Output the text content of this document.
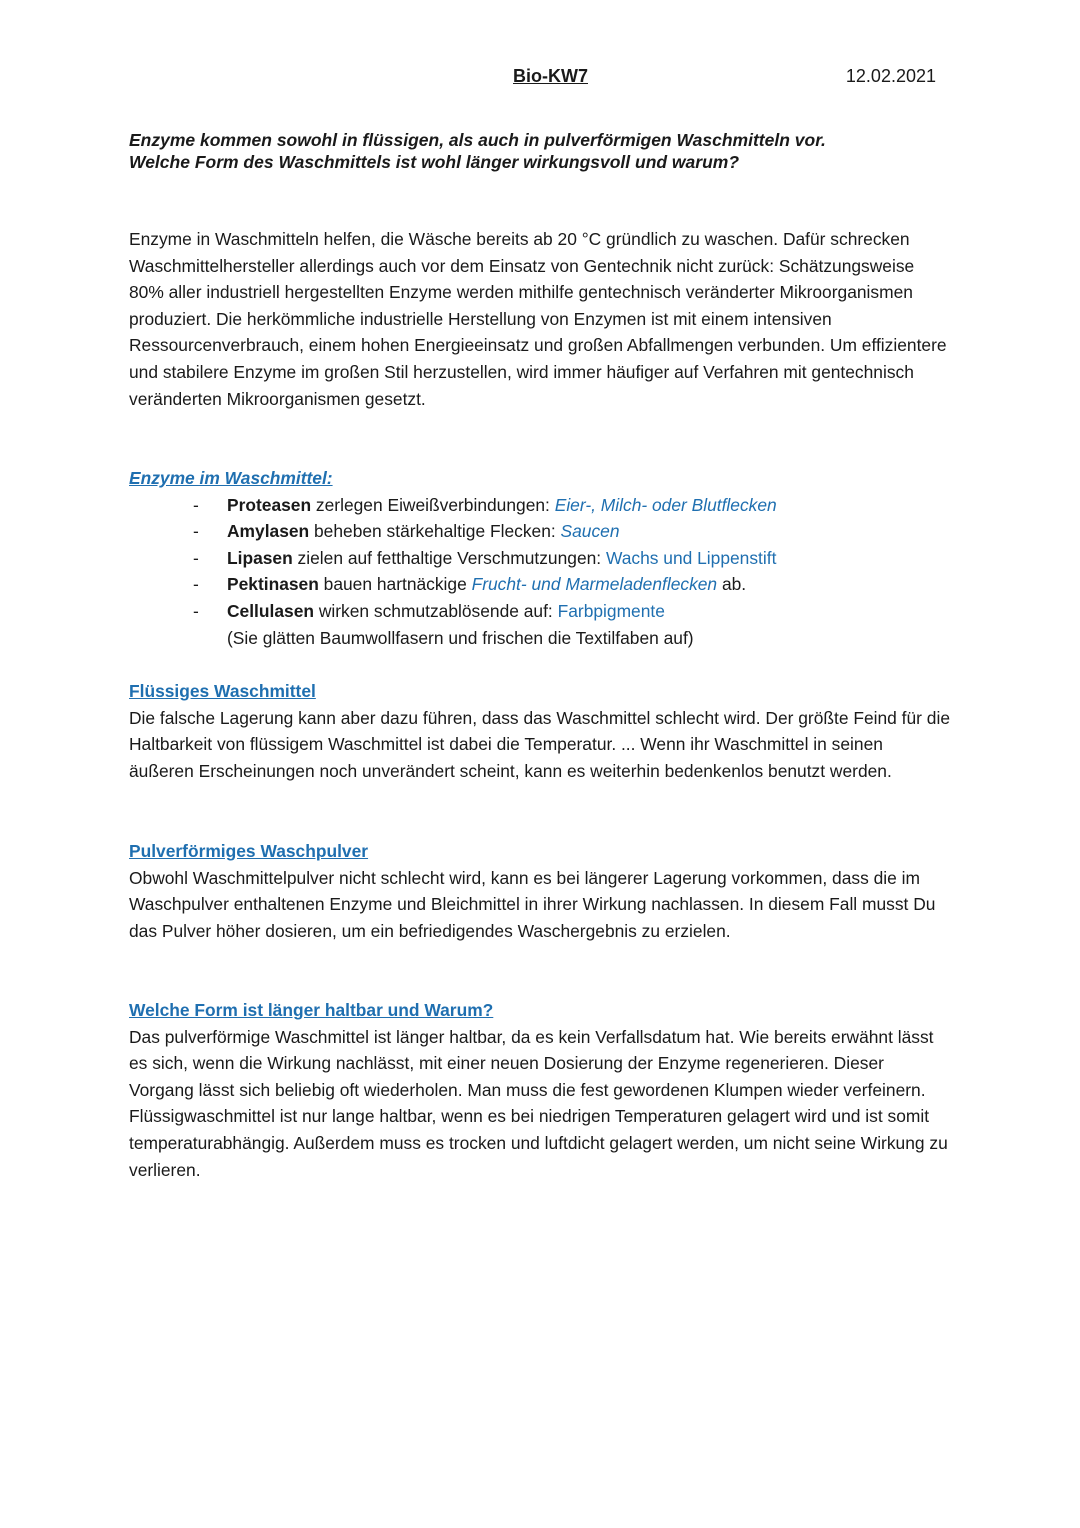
Bio-KW7	12.02.2021
Enzyme kommen sowohl in flüssigen, als auch in pulverförmigen Waschmitteln vor.
Welche Form des Waschmittels ist wohl länger wirkungsvoll und warum?

Enzyme in Waschmitteln helfen, die Wäsche bereits ab 20 °C gründlich zu waschen. Dafür schrecken Waschmittelhersteller allerdings auch vor dem Einsatz von Gentechnik nicht zurück: Schätzungsweise 80% aller industriell hergestellten Enzyme werden mithilfe gentechnisch veränderter Mikroorganismen produziert. Die herkömmliche industrielle Herstellung von Enzymen ist mit einem intensiven Ressourcenverbrauch, einem hohen Energieeinsatz und großen Abfallmengen verbunden. Um effizientere und stabilere Enzyme im großen Stil herzustellen, wird immer häufiger auf Verfahren mit gentechnisch veränderten Mikroorganismen gesetzt.

Enzyme im Waschmittel:
- Proteasen zerlegen Eiweißverbindungen: Eier-, Milch- oder Blutflecken
- Amylasen beheben stärkehaltige Flecken: Saucen
- Lipasen zielen auf fetthaltige Verschmutzungen: Wachs und Lippenstift
- Pektinasen bauen hartnäckige Frucht- und Marmeladenflecken ab.
- Cellulasen wirken schmutzablösende auf: Farbpigmente
(Sie glätten Baumwollfasern und frischen die Textilfaben auf)
Flüssiges Waschmittel

Die falsche Lagerung kann aber dazu führen, dass das Waschmittel schlecht wird. Der größte Feind für die Haltbarkeit von flüssigem Waschmittel ist dabei die Temperatur. ... Wenn ihr Waschmittel in seinen äußeren Erscheinungen noch unverändert scheint, kann es weiterhin bedenkenlos benutzt werden.

Pulverförmiges Waschpulver

Obwohl Waschmittelpulver nicht schlecht wird, kann es bei längerer Lagerung vorkommen, dass die im Waschpulver enthaltenen Enzyme und Bleichmittel in ihrer Wirkung nachlassen. In diesem Fall musst Du das Pulver höher dosieren, um ein befriedigendes Waschergebnis zu erzielen.

Welche Form ist länger haltbar und Warum?

Das pulverförmige Waschmittel ist länger haltbar, da es kein Verfallsdatum hat. Wie bereits erwähnt lässt es sich, wenn die Wirkung nachlässt, mit einer neuen Dosierung der Enzyme regenerieren. Dieser Vorgang lässt sich beliebig oft wiederholen. Man muss die fest gewordenen Klumpen wieder verfeinern.

Flüssigwaschmittel ist nur lange haltbar, wenn es bei niedrigen Temperaturen gelagert wird und ist somit temperaturabhängig. Außerdem muss es trocken und luftdicht gelagert werden, um nicht seine Wirkung zu verlieren.
